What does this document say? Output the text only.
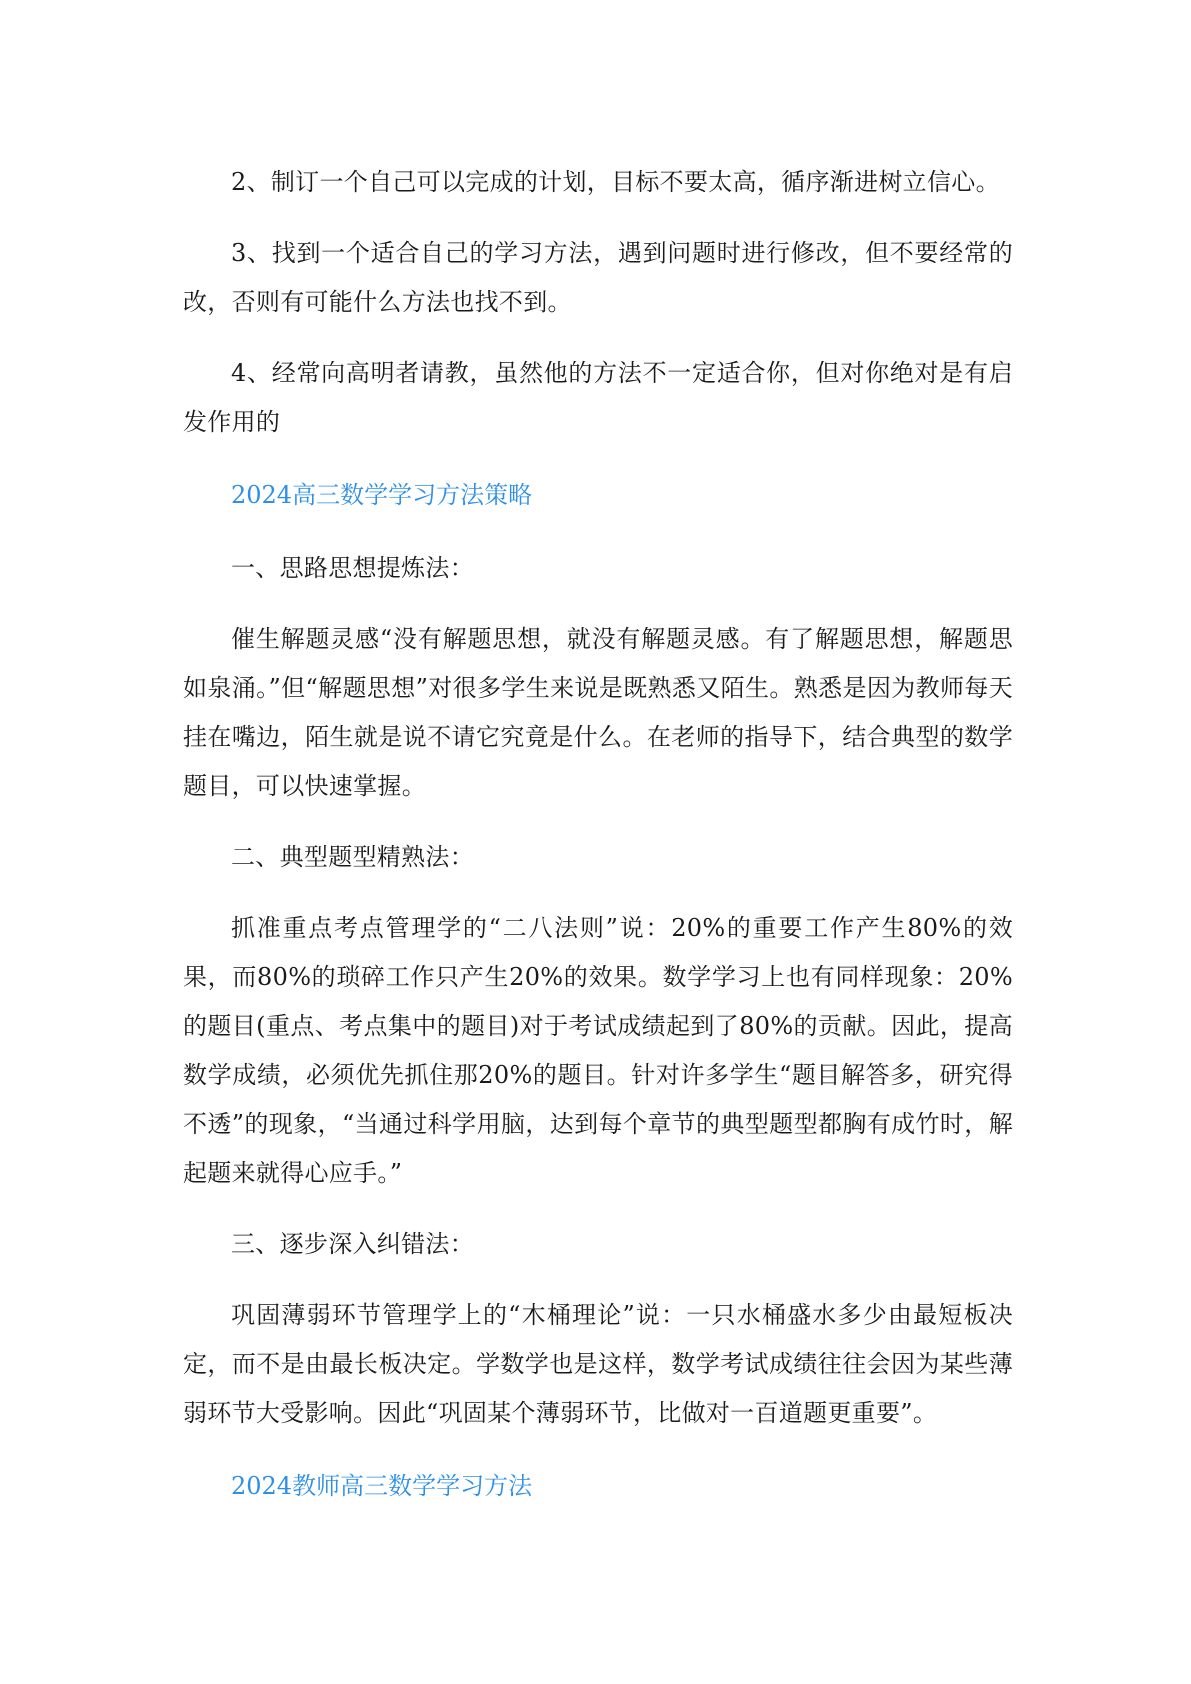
2、制订一个自己可以完成的计划，目标不要太高，循序渐进树立信心。

3、找到一个适合自己的学习方法，遇到问题时进行修改，但不要经常的改，否则有可能什么方法也找不到。

4、经常向高明者请教，虽然他的方法不一定适合你，但对你绝对是有启发作用的

2024高三数学学习方法策略

一、思路思想提炼法：

催生解题灵感“没有解题思想，就没有解题灵感。有了解题思想，解题思如泉涌。”但“解题思想”对很多学生来说是既熟悉又陌生。熟悉是因为教师每天挂在嘴边，陌生就是说不请它究竟是什么。在老师的指导下，结合典型的数学题目，可以快速掌握。

二、典型题型精熟法：

抓准重点考点管理学的“二八法则”说：20%的重要工作产生80%的效果，而80%的琐碎工作只产生20%的效果。数学学习上也有同样现象：20%的题目(重点、考点集中的题目)对于考试成绩起到了80%的贡献。因此，提高数学成绩，必须优先抓住那20%的题目。针对许多学生“题目解答多，研究得不透”的现象，“当通过科学用脑，达到每个章节的典型题型都胸有成竹时，解起题来就得心应手。”

三、逐步深入纠错法：

巩固薄弱环节管理学上的“木桶理论”说：一只水桶盛水多少由最短板决定，而不是由最长板决定。学数学也是这样，数学考试成绩往往会因为某些薄弱环节大受影响。因此“巩固某个薄弱环节，比做对一百道题更重要”。

2024教师高三数学学习方法
